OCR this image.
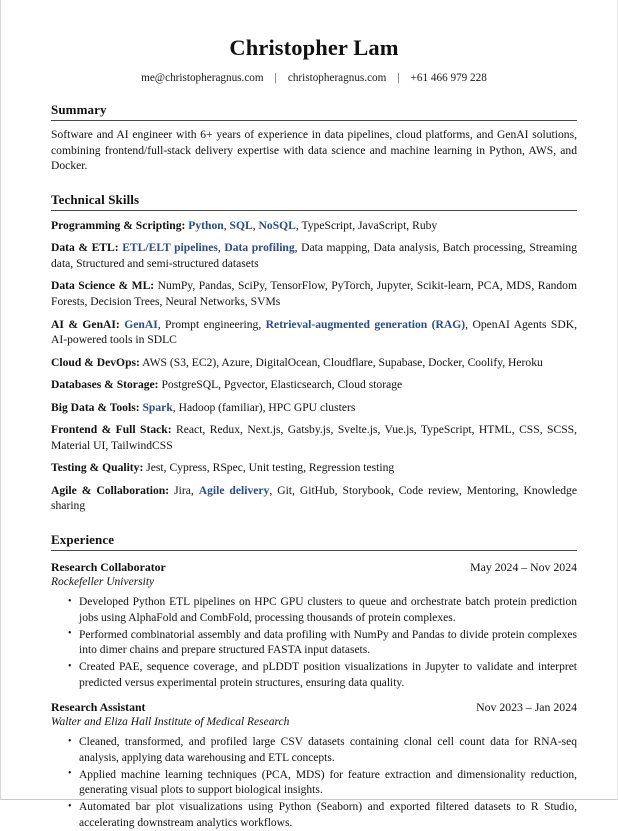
Christopher Lam
me@christopheragnus.com | christopheragnus.com | +61 466 979 228
Summary
Software and AI engineer with 6+ years of experience in data pipelines, cloud platforms, and GenAI solutions, combining frontend/full-stack delivery expertise with data science and machine learning in Python, AWS, and Docker.
Technical Skills
Programming & Scripting: Python, SQL, NoSQL, TypeScript, JavaScript, Ruby
Data & ETL: ETL/ELT pipelines, Data profiling, Data mapping, Data analysis, Batch processing, Streaming data, Structured and semi-structured datasets
Data Science & ML: NumPy, Pandas, SciPy, TensorFlow, PyTorch, Jupyter, Scikit-learn, PCA, MDS, Random Forests, Decision Trees, Neural Networks, SVMs
AI & GenAI: GenAI, Prompt engineering, Retrieval-augmented generation (RAG), OpenAI Agents SDK, AI-powered tools in SDLC
Cloud & DevOps: AWS (S3, EC2), Azure, DigitalOcean, Cloudflare, Supabase, Docker, Coolify, Heroku
Databases & Storage: PostgreSQL, Pgvector, Elasticsearch, Cloud storage
Big Data & Tools: Spark, Hadoop (familiar), HPC GPU clusters
Frontend & Full Stack: React, Redux, Next.js, Gatsby.js, Svelte.js, Vue.js, TypeScript, HTML, CSS, SCSS, Material UI, TailwindCSS
Testing & Quality: Jest, Cypress, RSpec, Unit testing, Regression testing
Agile & Collaboration: Jira, Agile delivery, Git, GitHub, Storybook, Code review, Mentoring, Knowledge sharing
Experience
Research Collaborator	May 2024 – Nov 2024
Rockefeller University
• Developed Python ETL pipelines on HPC GPU clusters to queue and orchestrate batch protein prediction jobs using AlphaFold and CombFold, processing thousands of protein complexes.
• Performed combinatorial assembly and data profiling with NumPy and Pandas to divide protein complexes into dimer chains and prepare structured FASTA input datasets.
• Created PAE, sequence coverage, and pLDDT position visualizations in Jupyter to validate and interpret predicted versus experimental protein structures, ensuring data quality.
Research Assistant	Nov 2023 – Jan 2024
Walter and Eliza Hall Institute of Medical Research
• Cleaned, transformed, and profiled large CSV datasets containing clonal cell count data for RNA-seq analysis, applying data warehousing and ETL concepts.
• Applied machine learning techniques (PCA, MDS) for feature extraction and dimensionality reduction, generating visual plots to support biological insights.
• Automated bar plot visualizations using Python (Seaborn) and exported filtered datasets to R Studio, accelerating downstream analytics workflows.
